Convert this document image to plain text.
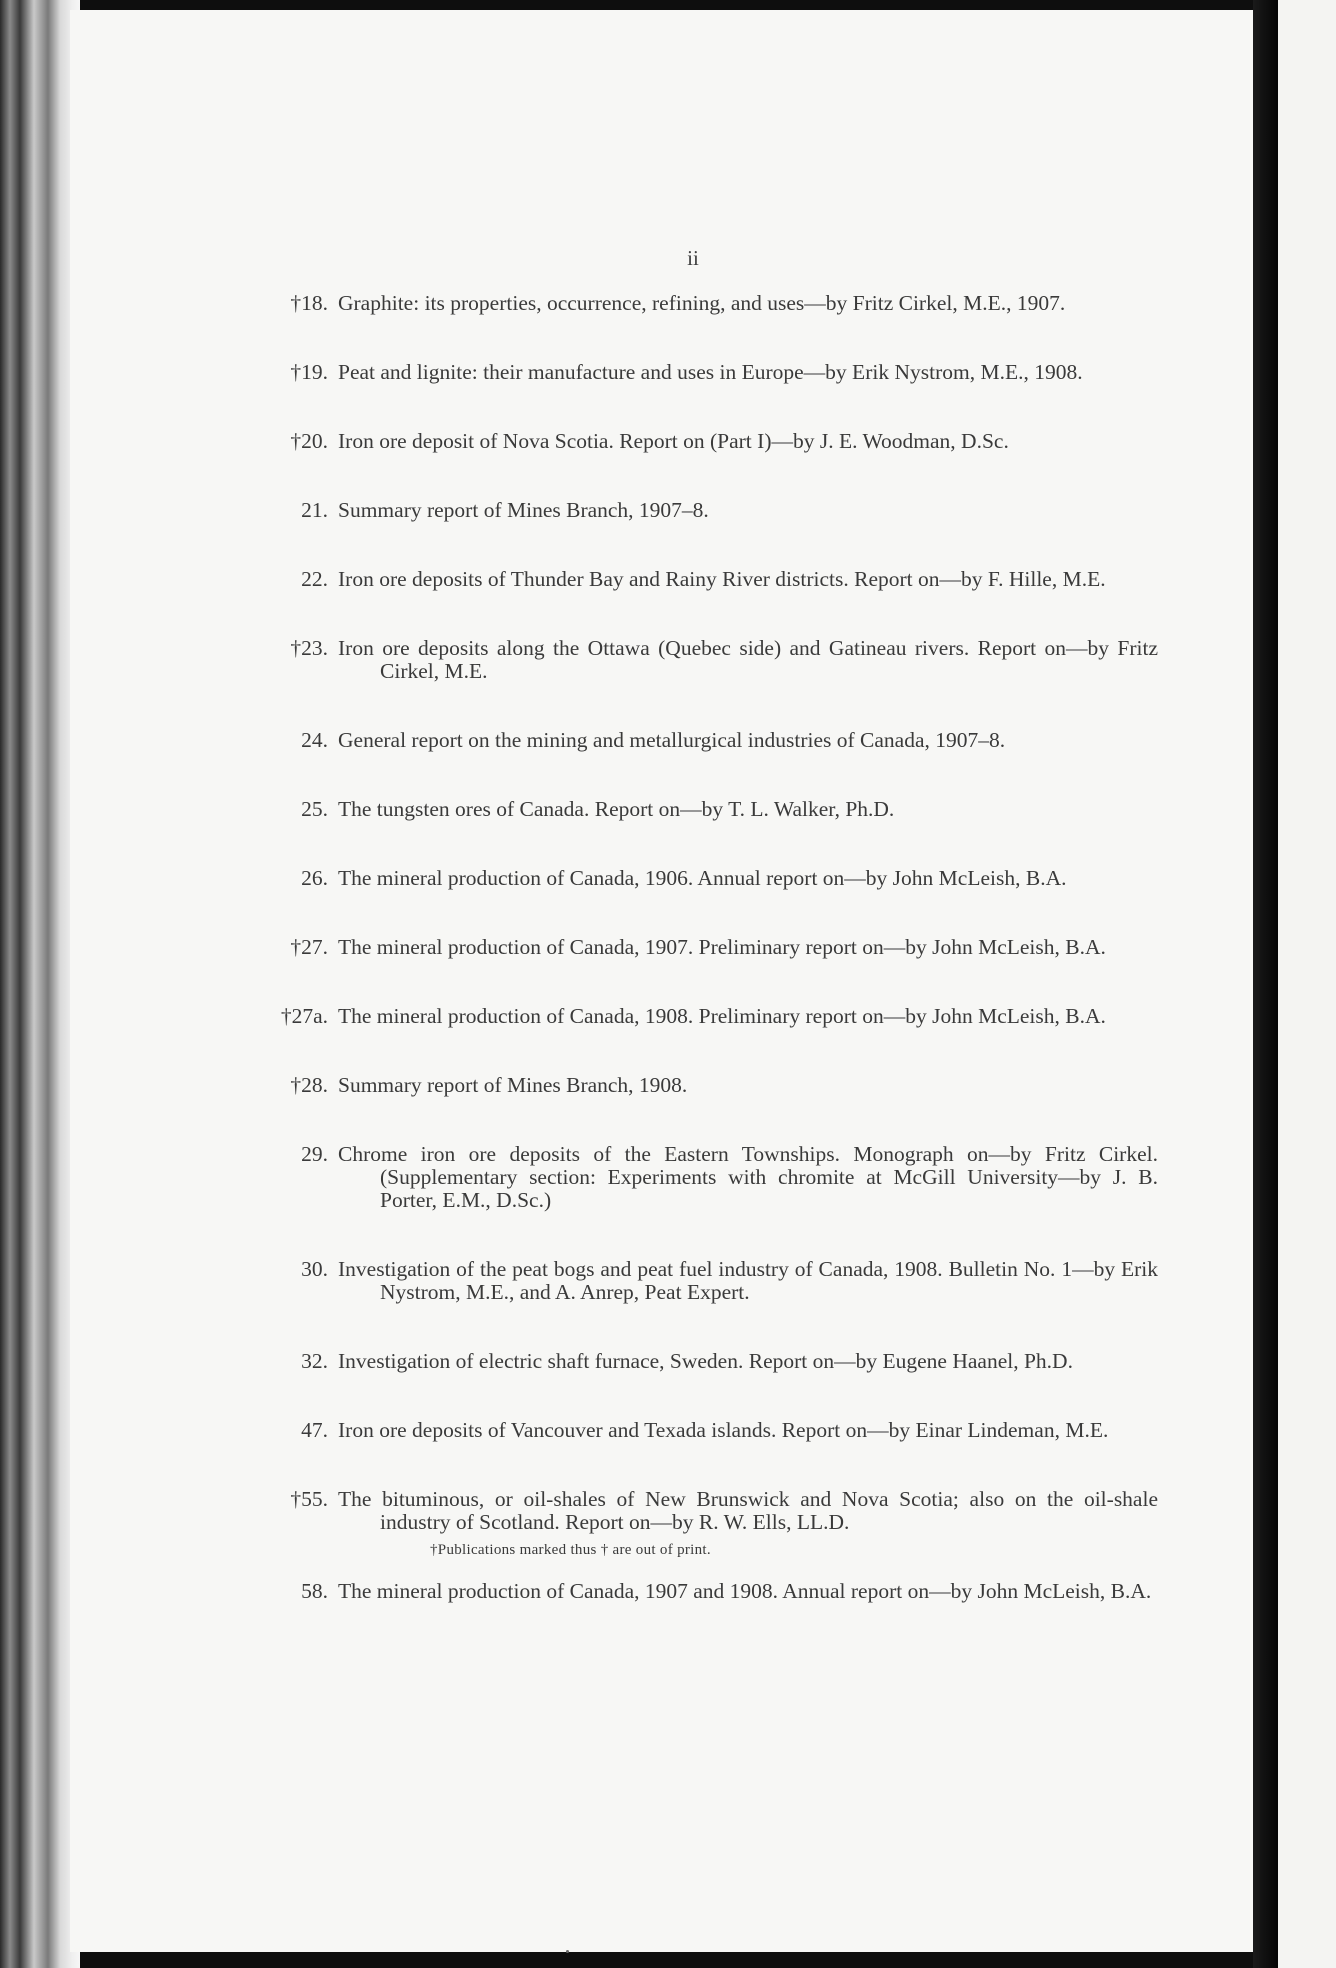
ii
†18. Graphite: its properties, occurrence, refining, and uses—by Fritz Cirkel, M.E., 1907.
†19. Peat and lignite: their manufacture and uses in Europe—by Erik Nystrom, M.E., 1908.
†20. Iron ore deposit of Nova Scotia. Report on (Part I)—by J. E. Woodman, D.Sc.
21. Summary report of Mines Branch, 1907–8.
22. Iron ore deposits of Thunder Bay and Rainy River districts. Report on—by F. Hille, M.E.
†23. Iron ore deposits along the Ottawa (Quebec side) and Gatineau rivers. Report on—by Fritz Cirkel, M.E.
24. General report on the mining and metallurgical industries of Canada, 1907–8.
25. The tungsten ores of Canada. Report on—by T. L. Walker, Ph.D.
26. The mineral production of Canada, 1906. Annual report on—by John McLeish, B.A.
†27. The mineral production of Canada, 1907. Preliminary report on—by John McLeish, B.A.
†27a. The mineral production of Canada, 1908. Preliminary report on—by John McLeish, B.A.
†28. Summary report of Mines Branch, 1908.
29. Chrome iron ore deposits of the Eastern Townships. Monograph on—by Fritz Cirkel. (Supplementary section: Experiments with chromite at McGill University—by J. B. Porter, E.M., D.Sc.)
30. Investigation of the peat bogs and peat fuel industry of Canada, 1908. Bulletin No. 1—by Erik Nystrom, M.E., and A. Anrep, Peat Expert.
32. Investigation of electric shaft furnace, Sweden. Report on—by Eugene Haanel, Ph.D.
47. Iron ore deposits of Vancouver and Texada islands. Report on—by Einar Lindeman, M.E.
†55. The bituminous, or oil-shales of New Brunswick and Nova Scotia; also on the oil-shale industry of Scotland. Report on—by R. W. Ells, LL.D.
58. The mineral production of Canada, 1907 and 1908. Annual report on—by John McLeish, B.A.
†Publications marked thus † are out of print.
